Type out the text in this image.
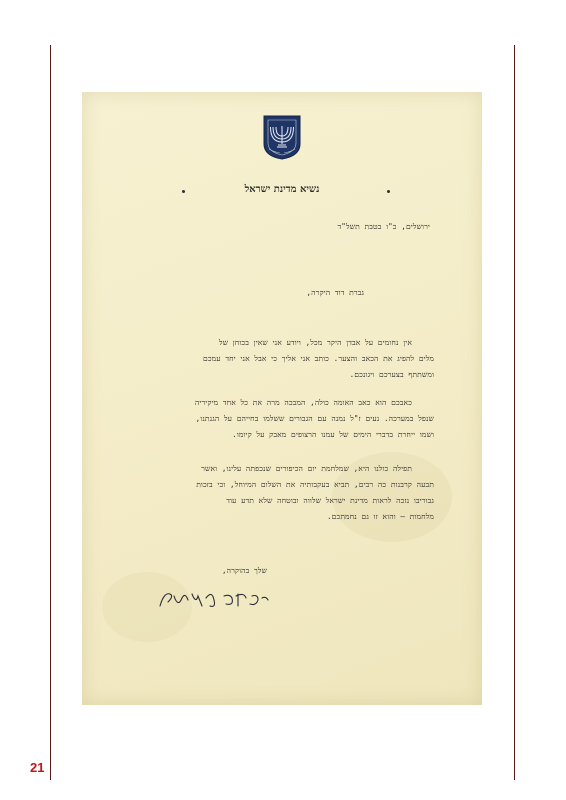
נשיא מדינת ישראל
ירושלים, כ"ו בטבת תשל"ד
גברת דוד היקרה,
אין נחומים על אבדן היקר מכל, ויודע אני שאין בכוחן של
מלים להפיג את הכאב והצער. כותב אני אליך כי אבל אני יחד עמכם
ומשתתף בצערכם ויגונכם.
כאבכם הוא כאב האומה כולה, המבכה מרה את כל אחד מיקיריה
שנפל במערכה. נעים ז"ל נמנה עם הגבורים ששלמו בחייהם על הגנתנו,
ושמו ייחרת בדברי הימים של עמנו הרצופים מאבק על קיומו.
תפילה כולנו היא, שמלחמת יום הכיפורים שנכפתה עלינו, ואשר
תבעה קרבנות כה רבים, תביא בעקבותיה את השלום המיוחל, וכי בזכות
גבוריבו נזכה לראות מדינת ישראל שלווה ובוטחה שלא תדע עוד
מלחמות – והוא זו גם נחמתכם.
שלך בהוקרה,
21
